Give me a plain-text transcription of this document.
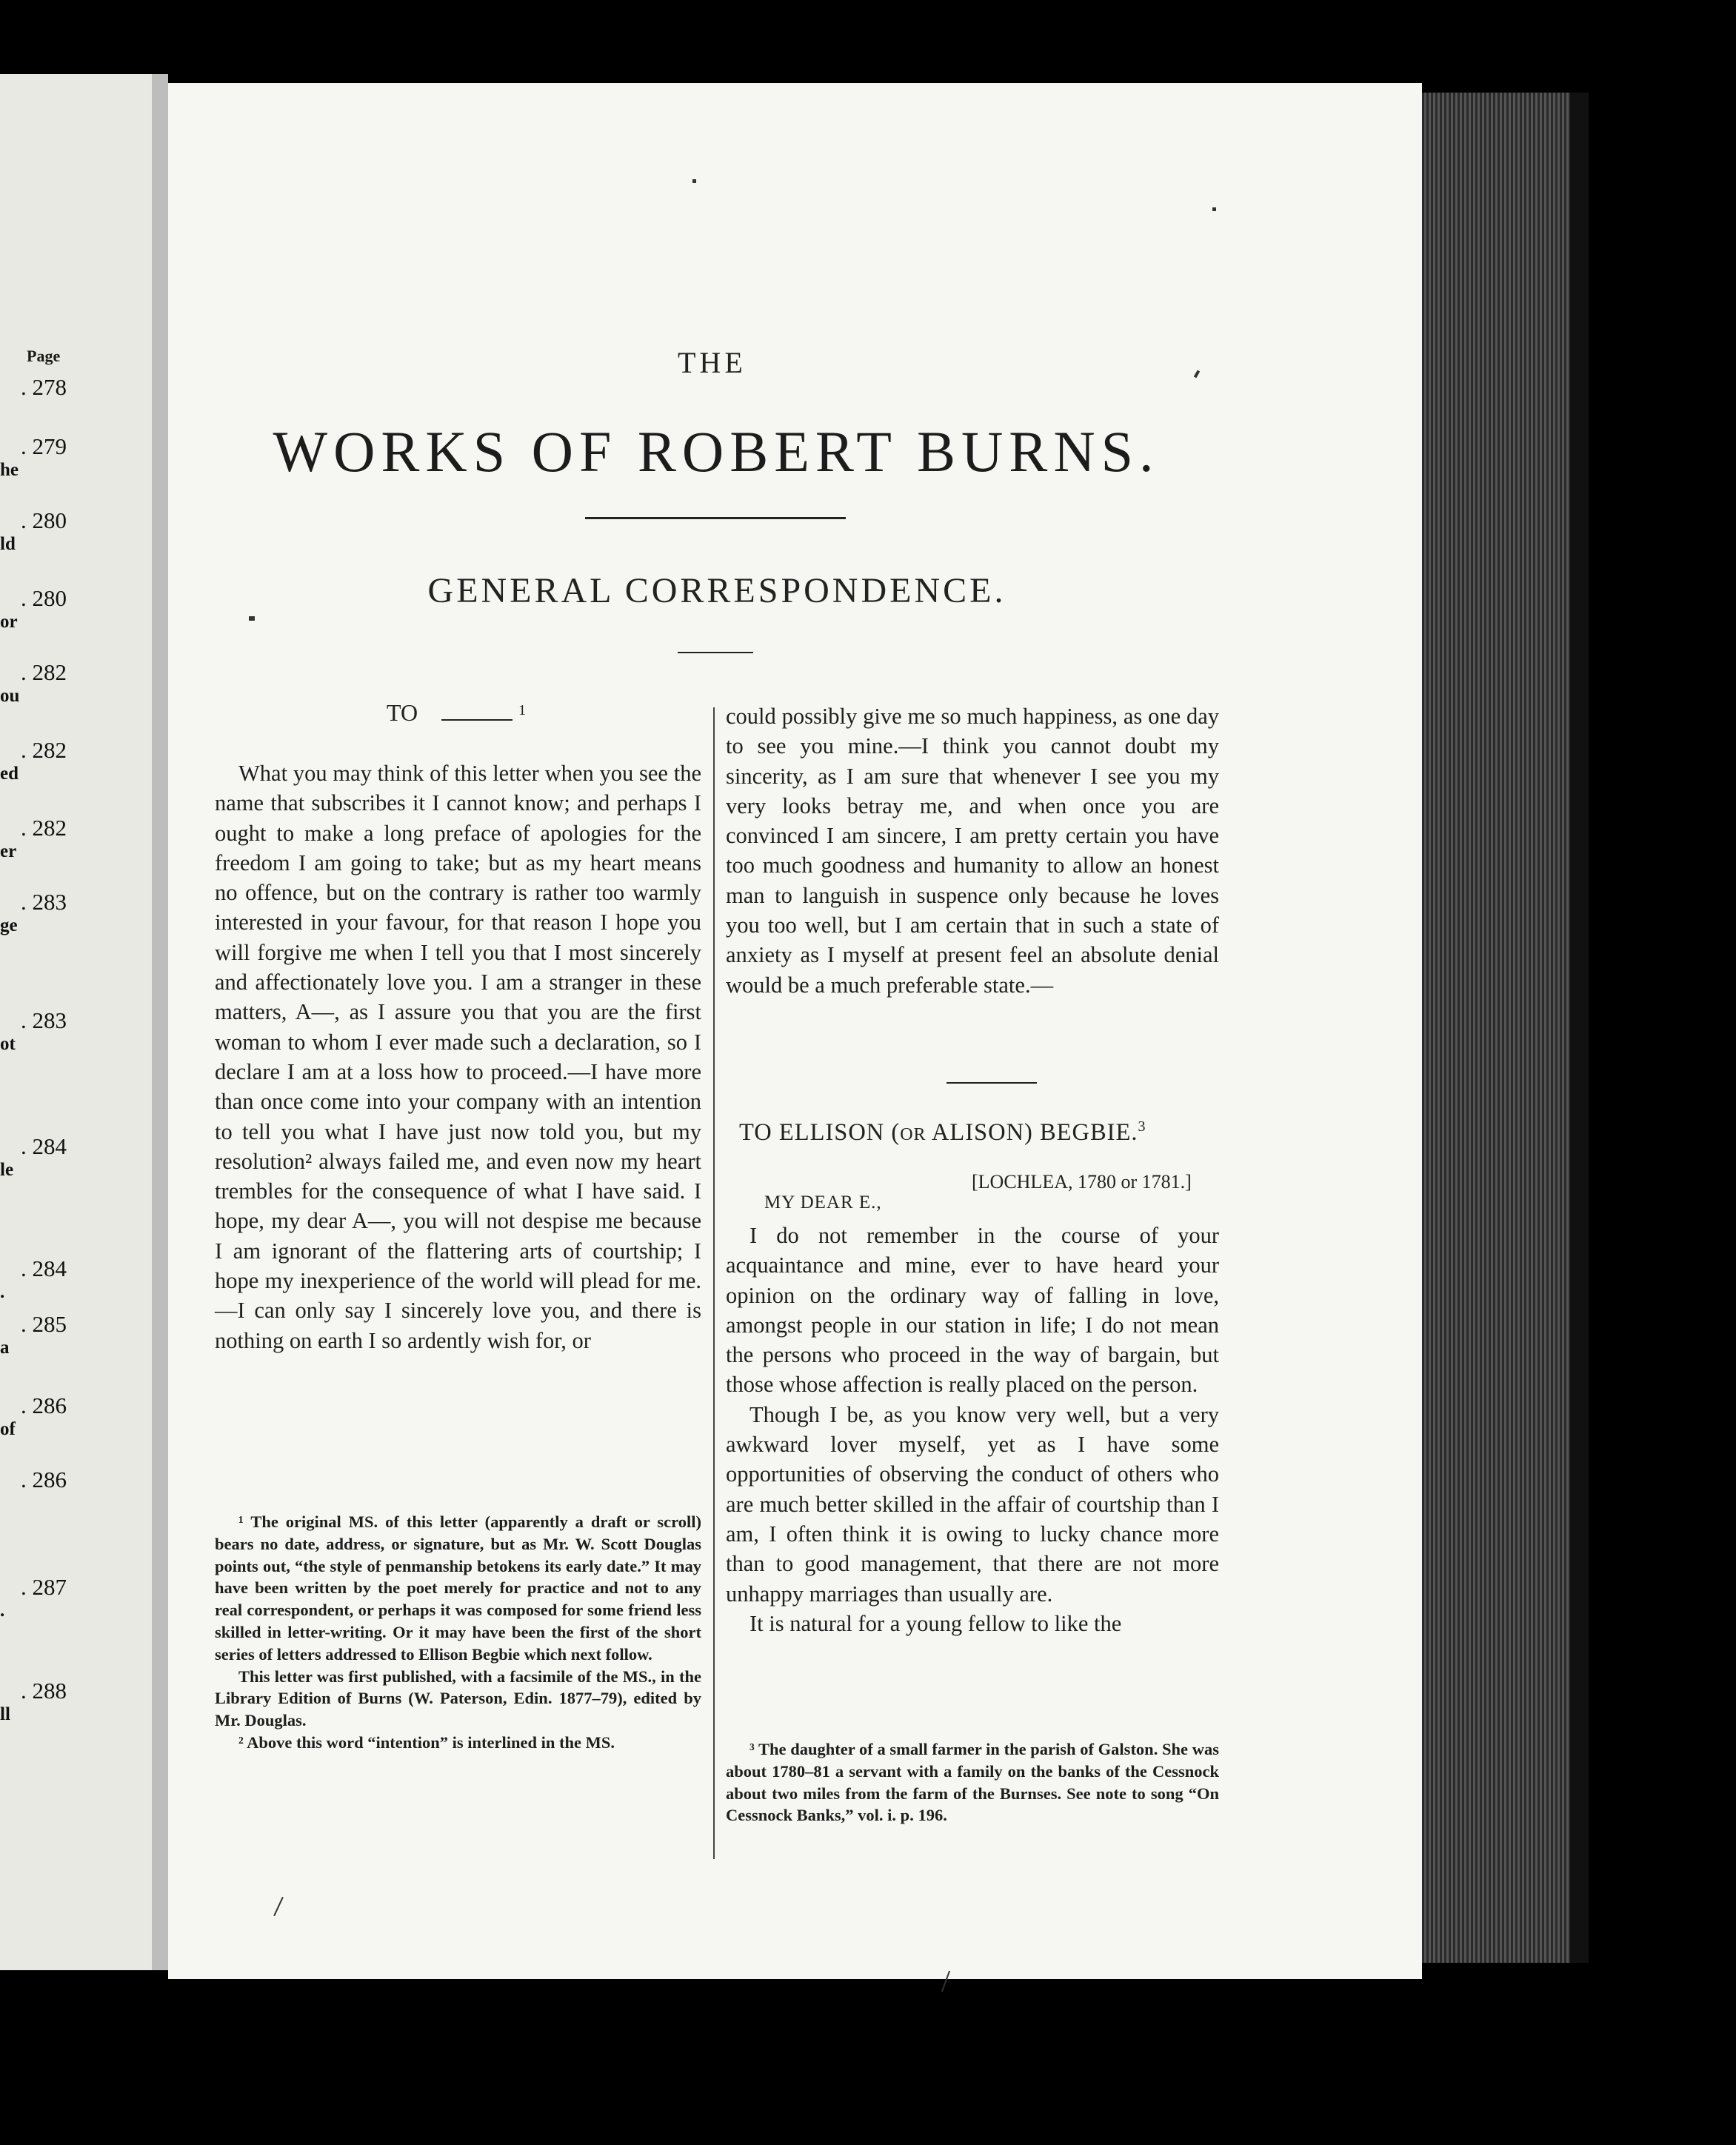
Page
. 278
. 279
he
. 280
ld
. 280
or
. 282
ou
. 282
ed
. 282
er
. 283
ge
. 283
ot
. 284
le
. 284
.
. 285
a
. 286
of
. 286
. 287
.
. 288
ll
THE
WORKS OF ROBERT BURNS.
GENERAL CORRESPONDENCE.
TO	1

What you may think of this letter when you see the name that subscribes it I cannot know; and perhaps I ought to make a long preface of apologies for the freedom I am going to take; but as my heart means no offence, but on the contrary is rather too warmly interested in your favour, for that reason I hope you will forgive me when I tell you that I most sincerely and affectionately love you. I am a stranger in these matters, A—, as I assure you that you are the first woman to whom I ever made such a declaration, so I declare I am at a loss how to proceed.—I have more than once come into your company with an intention to tell you what I have just now told you, but my resolution² always failed me, and even now my heart trembles for the consequence of what I have said. I hope, my dear A—, you will not despise me because I am ignorant of the flattering arts of courtship; I hope my inexperience of the world will plead for me.—I can only say I sincerely love you, and there is nothing on earth I so ardently wish for, or

¹ The original MS. of this letter (apparently a draft or scroll) bears no date, address, or signature, but as Mr. W. Scott Douglas points out, “the style of penmanship betokens its early date.” It may have been written by the poet merely for practice and not to any real correspondent, or perhaps it was composed for some friend less skilled in letter-writing. Or it may have been the first of the short series of letters addressed to Ellison Begbie which next follow.

This letter was first published, with a facsimile of the MS., in the Library Edition of Burns (W. Paterson, Edin. 1877–79), edited by Mr. Douglas.

² Above this word “intention” is interlined in the MS.

could possibly give me so much happiness, as one day to see you mine.—I think you cannot doubt my sincerity, as I am sure that whenever I see you my very looks betray me, and when once you are convinced I am sincere, I am pretty certain you have too much goodness and humanity to allow an honest man to languish in suspence only because he loves you too well, but I am certain that in such a state of anxiety as I myself at present feel an absolute denial would be a much preferable state.—

TO ELLISON (OR ALISON) BEGBIE.$^3$
[LOCHLEA, 1780 or 1781.]
MY DEAR E.,

I do not remember in the course of your acquaintance and mine, ever to have heard your opinion on the ordinary way of falling in love, amongst people in our station in life; I do not mean the persons who proceed in the way of bargain, but those whose affection is really placed on the person.

Though I be, as you know very well, but a very awkward lover myself, yet as I have some opportunities of observing the conduct of others who are much better skilled in the affair of courtship than I am, I often think it is owing to lucky chance more than to good management, that there are not more unhappy marriages than usually are.

It is natural for a young fellow to like the

³ The daughter of a small farmer in the parish of Galston. She was about 1780–81 a servant with a family on the banks of the Cessnock about two miles from the farm of the Burnses. See note to song “On Cessnock Banks,” vol. i. p. 196.
